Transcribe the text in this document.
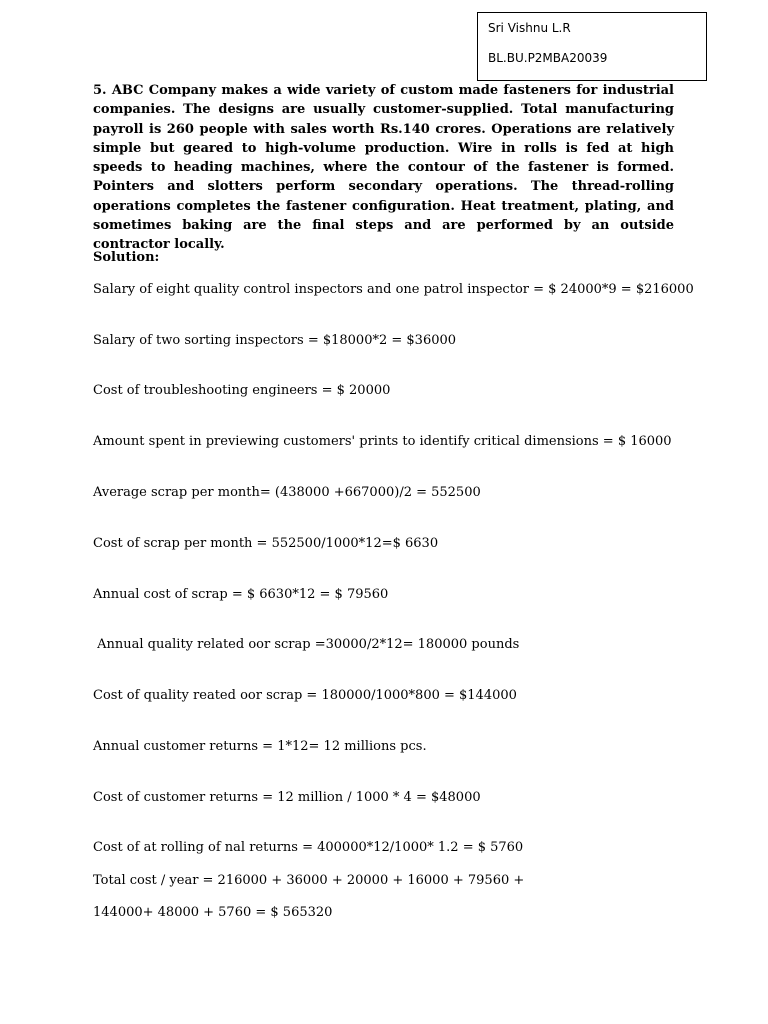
Sri Vishnu L.R
BL.BU.P2MBA20039
5. ABC Company makes a wide variety of custom made fasteners for industrial companies. The designs are usually customer-supplied. Total manufacturing payroll is 260 people with sales worth Rs.140 crores. Operations are relatively simple but geared to high-volume production. Wire in rolls is fed at high speeds to heading machines, where the contour of the fastener is formed. Pointers and slotters perform secondary operations. The thread-rolling operations completes the fastener configuration. Heat treatment, plating, and sometimes baking are the final steps and are performed by an outside contractor locally.
Solution:
Salary of eight quality control inspectors and one patrol inspector = $ 24000*9 = $216000
Salary of two sorting inspectors = $18000*2 = $36000
Cost of troubleshooting engineers = $ 20000
Amount spent in previewing customers' prints to identify critical dimensions = $ 16000
Average scrap per month= (438000 +667000)/2 = 552500
Cost of scrap per month = 552500/1000*12=$ 6630
Annual cost of scrap = $ 6630*12 = $ 79560
Annual quality related oor scrap =30000/2*12= 180000 pounds
Cost of quality reated oor scrap = 180000/1000*800 = $144000
Annual customer returns = 1*12= 12 millions pcs.
Cost of customer returns = 12 million / 1000 * 4 = $48000
Cost of at rolling of nal returns = 400000*12/1000* 1.2 = $ 5760
Total cost / year = 216000 + 36000 + 20000 + 16000 + 79560 +
144000+ 48000 + 5760 = $ 565320
